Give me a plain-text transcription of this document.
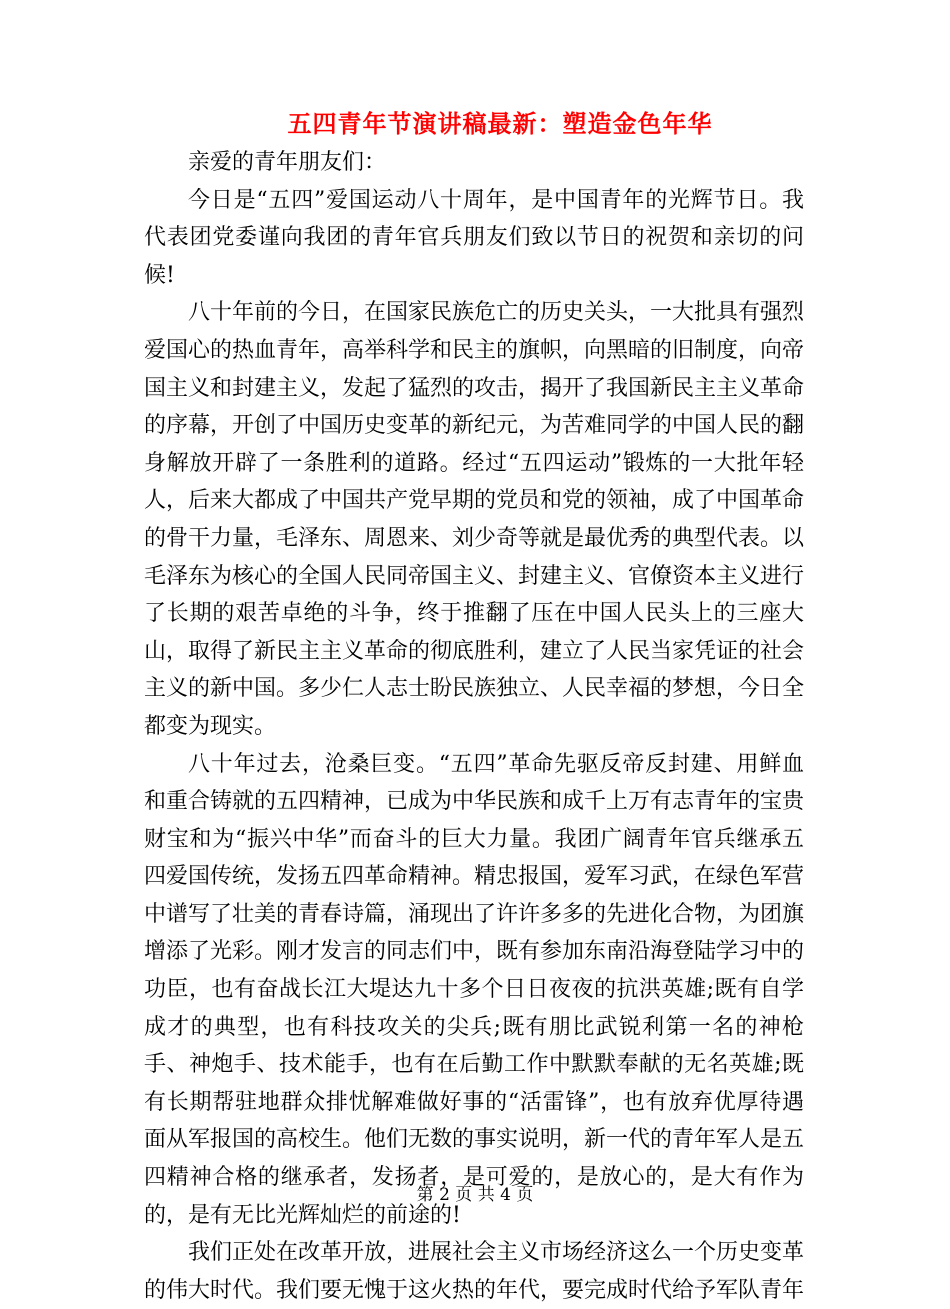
五四青年节演讲稿最新：塑造金色年华

亲爱的青年朋友们：

今日是“五四”爱国运动八十周年，是中国青年的光辉节日。我代表团党委谨向我团的青年官兵朋友们致以节日的祝贺和亲切的问候!

八十年前的今日，在国家民族危亡的历史关头，一大批具有强烈爱国心的热血青年，高举科学和民主的旗帜，向黑暗的旧制度，向帝国主义和封建主义，发起了猛烈的攻击，揭开了我国新民主主义革命的序幕，开创了中国历史变革的新纪元，为苦难同学的中国人民的翻身解放开辟了一条胜利的道路。经过“五四运动”锻炼的一大批年轻人，后来大都成了中国共产党早期的党员和党的领袖，成了中国革命的骨干力量，毛泽东、周恩来、刘少奇等就是最优秀的典型代表。以毛泽东为核心的全国人民同帝国主义、封建主义、官僚资本主义进行了长期的艰苦卓绝的斗争，终于推翻了压在中国人民头上的三座大山，取得了新民主主义革命的彻底胜利，建立了人民当家凭证的社会主义的新中国。多少仁人志士盼民族独立、人民幸福的梦想，今日全都变为现实。

八十年过去，沧桑巨变。“五四”革命先驱反帝反封建、用鲜血和重合铸就的五四精神，已成为中华民族和成千上万有志青年的宝贵财宝和为“振兴中华”而奋斗的巨大力量。我团广阔青年官兵继承五四爱国传统，发扬五四革命精神。精忠报国，爱军习武，在绿色军营中谱写了壮美的青春诗篇，涌现出了许许多多的先进化合物，为团旗增添了光彩。刚才发言的同志们中，既有参加东南沿海登陆学习中的功臣，也有奋战长江大堤达九十多个日日夜夜的抗洪英雄;既有自学成才的典型，也有科技攻关的尖兵;既有朋比武锐利第一名的神枪手、神炮手、技术能手，也有在后勤工作中默默奉献的无名英雄;既有长期帮驻地群众排忧解难做好事的“活雷锋”，也有放弃优厚待遇面从军报国的高校生。他们无数的事实说明，新一代的青年军人是五四精神合格的继承者，发扬者，是可爱的，是放心的，是大有作为的，是有无比光辉灿烂的前途的!

我们正处在改革开放，进展社会主义市场经济这么一个历史变革的伟大时代。我们要无愧于这火热的年代，要完成时代给予军队青年

第 2 页 共 4 页
